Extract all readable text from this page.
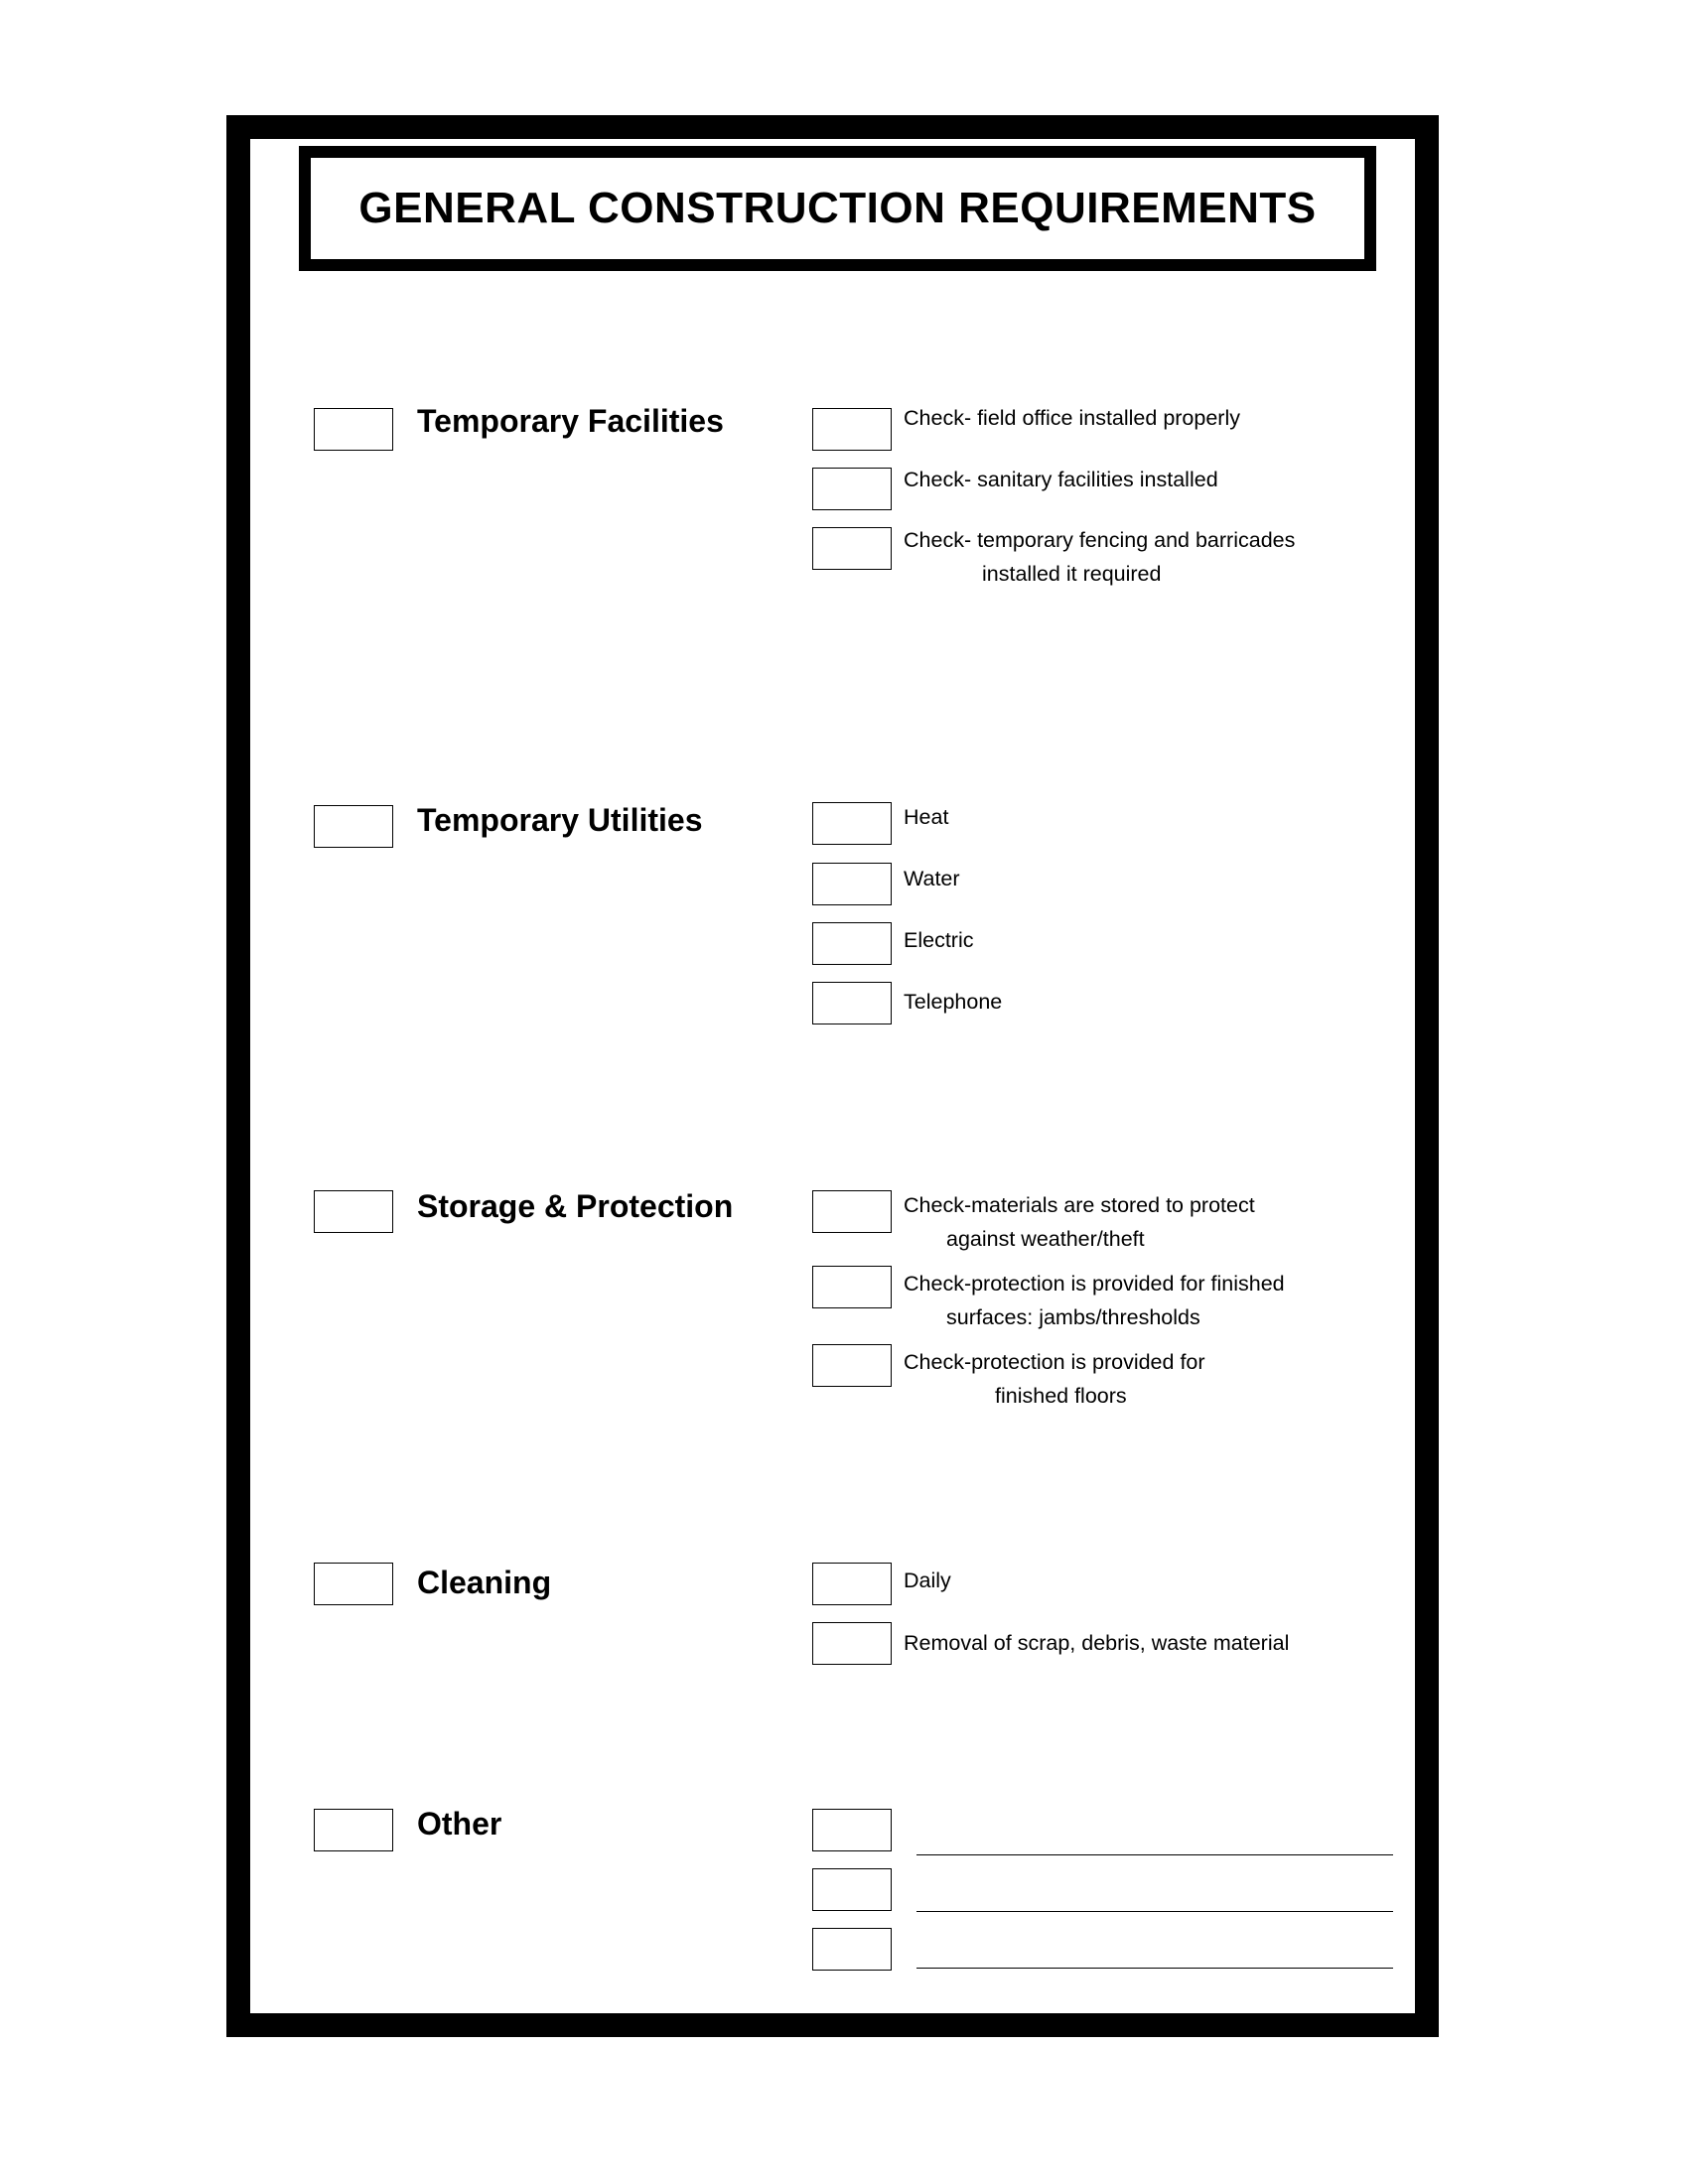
GENERAL CONSTRUCTION REQUIREMENTS
Temporary Facilities	Check- field office installed properly
Check- sanitary facilities installed
Check- temporary fencing and barricades
installed it required
Temporary Utilities	Heat
Water
Electric
Telephone
Storage & Protection	Check-materials are stored to protect
against weather/theft
Check-protection is provided for finished
surfaces: jambs/thresholds
Check-protection is provided for
finished floors
Cleaning	Daily
Removal of scrap, debris, waste material
Other
